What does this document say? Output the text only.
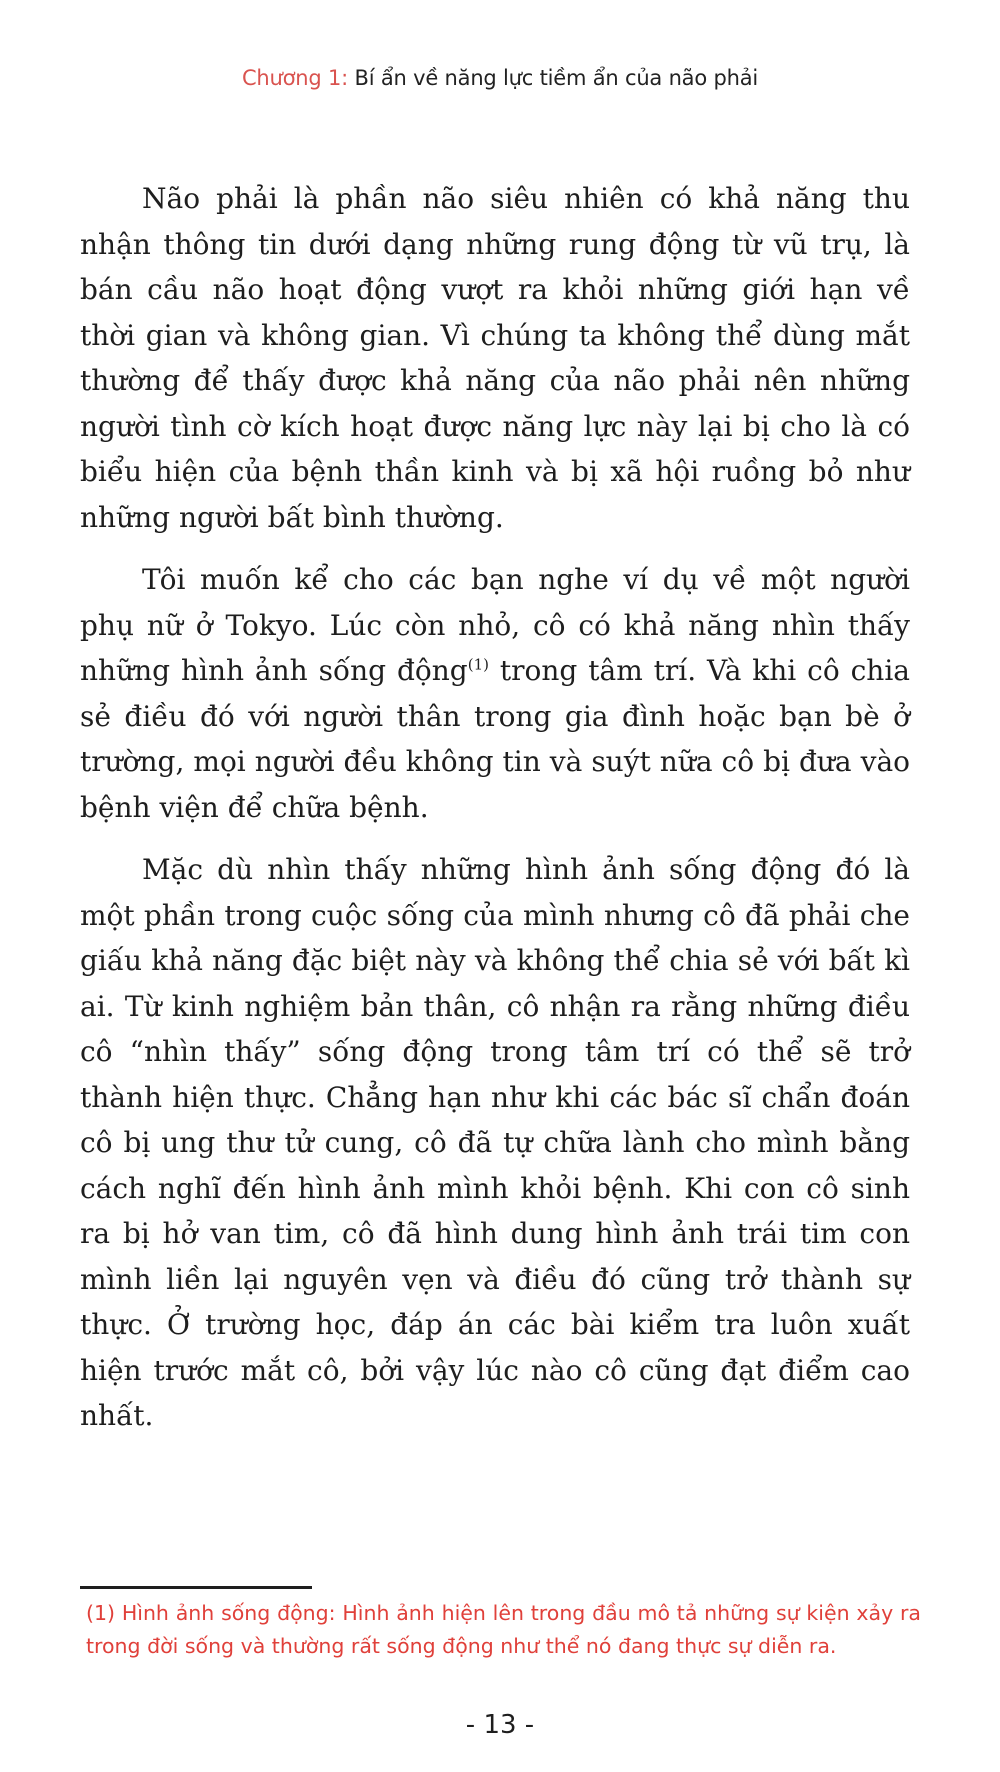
Chương 1: Bí ẩn về năng lực tiềm ẩn của não phải

Não phải là phần não siêu nhiên có khả năng thu nhận thông tin dưới dạng những rung động từ vũ trụ, là bán cầu não hoạt động vượt ra khỏi những giới hạn về thời gian và không gian. Vì chúng ta không thể dùng mắt thường để thấy được khả năng của não phải nên những người tình cờ kích hoạt được năng lực này lại bị cho là có biểu hiện của bệnh thần kinh và bị xã hội ruồng bỏ như những người bất bình thường.

Tôi muốn kể cho các bạn nghe ví dụ về một người phụ nữ ở Tokyo. Lúc còn nhỏ, cô có khả năng nhìn thấy những hình ảnh sống động$^{(1)}$ trong tâm trí. Và khi cô chia sẻ điều đó với người thân trong gia đình hoặc bạn bè ở trường, mọi người đều không tin và suýt nữa cô bị đưa vào bệnh viện để chữa bệnh.

Mặc dù nhìn thấy những hình ảnh sống động đó là một phần trong cuộc sống của mình nhưng cô đã phải che giấu khả năng đặc biệt này và không thể chia sẻ với bất kì ai. Từ kinh nghiệm bản thân, cô nhận ra rằng những điều cô “nhìn thấy” sống động trong tâm trí có thể sẽ trở thành hiện thực. Chẳng hạn như khi các bác sĩ chẩn đoán cô bị ung thư tử cung, cô đã tự chữa lành cho mình bằng cách nghĩ đến hình ảnh mình khỏi bệnh. Khi con cô sinh ra bị hở van tim, cô đã hình dung hình ảnh trái tim con mình liền lại nguyên vẹn và điều đó cũng trở thành sự thực. Ở trường học, đáp án các bài kiểm tra luôn xuất hiện trước mắt cô, bởi vậy lúc nào cô cũng đạt điểm cao nhất.

(1) Hình ảnh sống động: Hình ảnh hiện lên trong đầu mô tả những sự kiện xảy ra trong đời sống và thường rất sống động như thể nó đang thực sự diễn ra.
- 13 -
